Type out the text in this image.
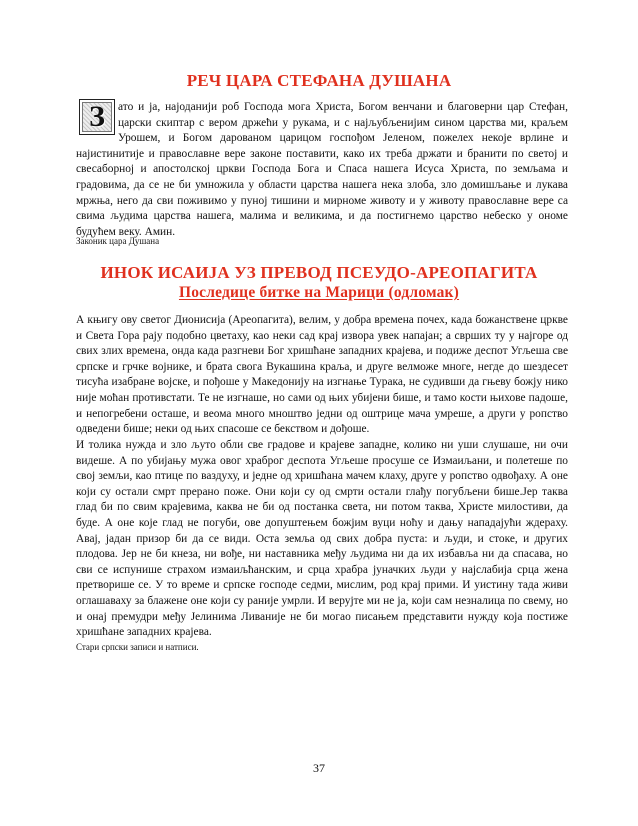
РЕЧ ЦАРА СТЕФАНА ДУШАНА
З	ато и ја, најоданији роб Господа мога Христа, Богом венчани и благоверни цар Стефан, царски скиптар с вером држећи у рукама, и с најљубљенијим сином царства ми, краљем Урошем, и Богом дарованом царицом госпођом Јеленом, пожелех некоје врлине и најистинитије и православне вере законе поставити, како их треба држати и бранити по светој и свесаборној и апостолској цркви Господа Бога и Спаса нашега Исуса Христа, по земљама и градовима, да се не би умножила у области царства нашега нека злоба, зло домишљање и лукава мржња, него да сви поживимо у пуној тишини и мирноме животу и у животу православне вере са свима људима царства нашега, малима и великима, и да постигнемо царство небеско у ономе будућем веку. Амин.
Законик цара Душана
ИНОК ИСАИЈА УЗ ПРЕВОД ПСЕУДО-АРЕОПАГИТА
Последице битке на Марици (одломак)
А књигу ову светог Дионисија (Ареопагита), велим, у добра времена почех, када божанствене цркве и Света Гора рају подобно цветаху, као неки сад крај извора увек напајан; а сврших ту у најгоре од свих злих времена, онда када разгневи Бог хришћане западних крајева, и подиже деспот Угљеша све српске и грчке војнике, и брата свога Вукашина краља, и друге велможе многе, негде до шездесет тисућа изабране војске, и пођоше у Македонију на изгнање Турака, не судивши да гњеву божју нико није моћан противстати. Те не изгнаше, но сами од њих убијени бише, и тамо кости њихове падоше, и непогребени осташе, и веома много мноштво једни од оштрице мача умреше, а други у ропство одведени бише; неки од њих спасоше се бекством и дођоше.
И толика нужда и зло љуто обли све градове и крајеве западне, колико ни уши слушаше, ни очи видеше. А по убијању мужа овог храброг деспота Угљеше просуше се Измаиљани, и полетеше по свој земљи, као птице по ваздуху, и једне од хришћана мачем клаху, друге у ропство одвођаху. А оне који су остали смрт прерано поже. Они који су од смрти остали глађу погубљени бише.Јер таква глад би по свим крајевима, каква не би од постанка света, ни потом таква, Христе милостиви, да буде. А оне које глад не погуби, ове допуштењем божјим вуци ноћу и дању нападајући ждераху. Авај, јадан призор би да се види. Оста земља од свих добра пуста: и људи, и стоке, и других плодова. Јер не би кнеза, ни вође, ни наставника међу људима ни да их избавља ни да спасава, но сви се испунише страхом измаиљћанским, и срца храбра јуначких људи у најслабија срца жена претворише се. У то време и српске господе седми, мислим, род крај прими. И уистину тада живи оглашаваху за блажене оне који су раније умрли. И верујте ми не ја, који сам незналица по свему, но и онај премудри међу Јелинима Ливаније не би могао писањем представити нужду која постиже хришћане западних крајева.
Стари српски записи и натписи.
37
